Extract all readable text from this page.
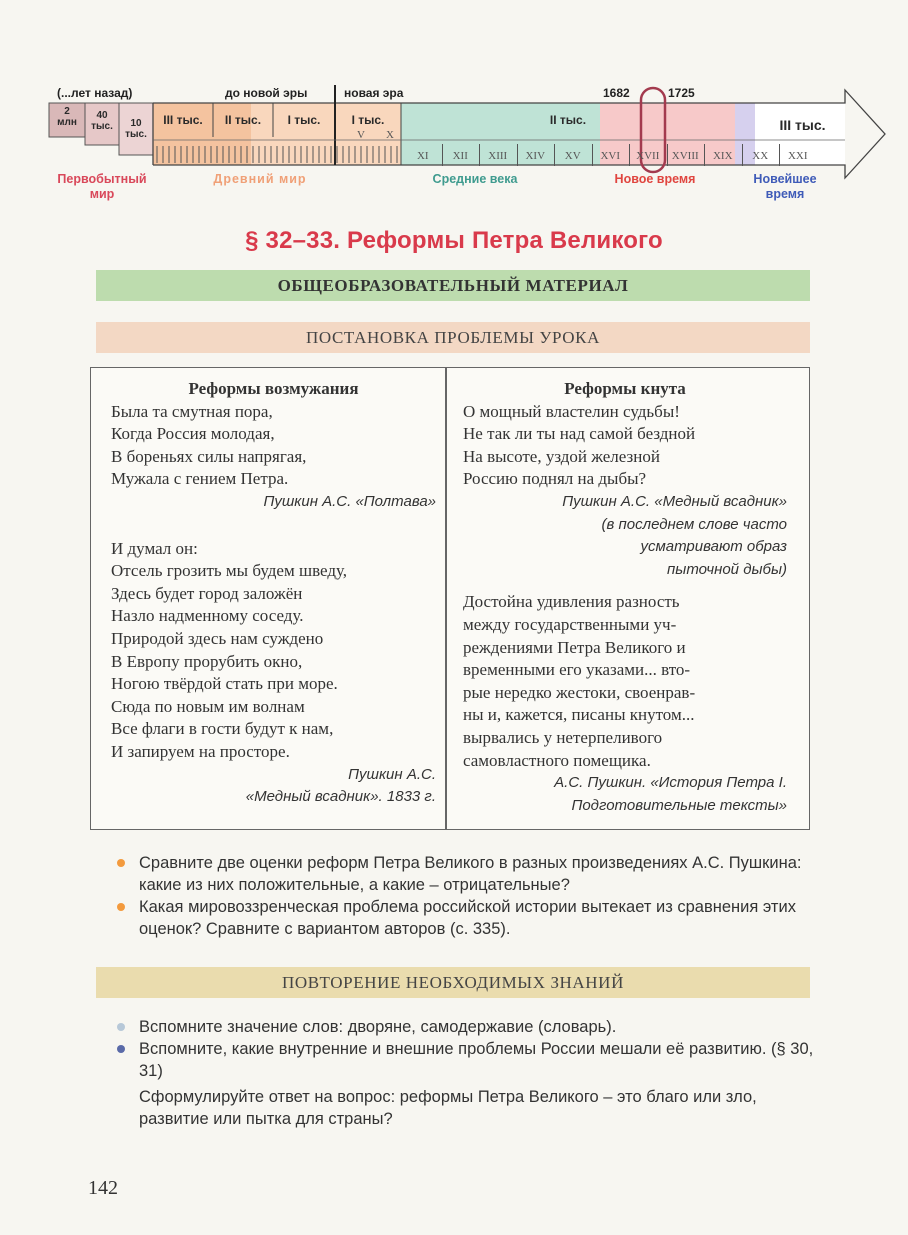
(...лет назад)	до новой эры	новая эра	1682	1725
2
млн
40
тыс.	10
тыс.
III тыс.	II тыс.	I тыс.	I тыс.	II тыс.	III тыс.
V X
XI	XII	XIII	XIV	XV	XVI	XVII	XVIII	XIX	XX	XXI
Первобытный мир
Древний мир	Средние века	Новое время	Новейшее время
§ 32–33. Реформы Петра Великого
ОБЩЕОБРАЗОВАТЕЛЬНЫЙ МАТЕРИАЛ
ПОСТАНОВКА ПРОБЛЕМЫ УРОКА
Реформы возмужания
Была та смутная пора,
Когда Россия молодая,
В бореньях силы напрягая,
Мужала с гением Петра.
Пушкин А.С. «Полтава»
И думал он:
Отсель грозить мы будем шведу,
Здесь будет город заложён
Назло надменному соседу.
Природой здесь нам суждено
В Европу прорубить окно,
Ногою твёрдой стать при море.
Сюда по новым им волнам
Все флаги в гости будут к нам,
И запируем на просторе.
Пушкин А.С.
«Медный всадник». 1833 г.
Реформы кнута
О мощный властелин судьбы!
Не так ли ты над самой бездной
На высоте, уздой железной
Россию поднял на дыбы?
Пушкин А.С. «Медный всадник»
(в последнем слове часто
усматривают образ
пыточной дыбы)
Достойна удивления разность
между государственными уч-
реждениями Петра Великого и
временными его указами... вто-
рые нередко жестоки, своенрав-
ны и, кажется, писаны кнутом...
вырвались у нетерпеливого
самовластного помещика.
А.С. Пушкин. «История Петра I.
Подготовительные тексты»
Сравните две оценки реформ Петра Великого в разных произведениях А.С. Пушкина: какие из них положительные, а какие – отрицательные?
Какая мировоззренческая проблема российской истории вытекает из сравнения этих оценок? Сравните с вариантом авторов (с. 335).
ПОВТОРЕНИЕ НЕОБХОДИМЫХ ЗНАНИЙ
Вспомните значение слов: дворяне, самодержавие (словарь).
Вспомните, какие внутренние и внешние проблемы России мешали её развитию. (§ 30, 31)
Сформулируйте ответ на вопрос: реформы Петра Великого – это благо или зло, развитие или пытка для страны?
142
